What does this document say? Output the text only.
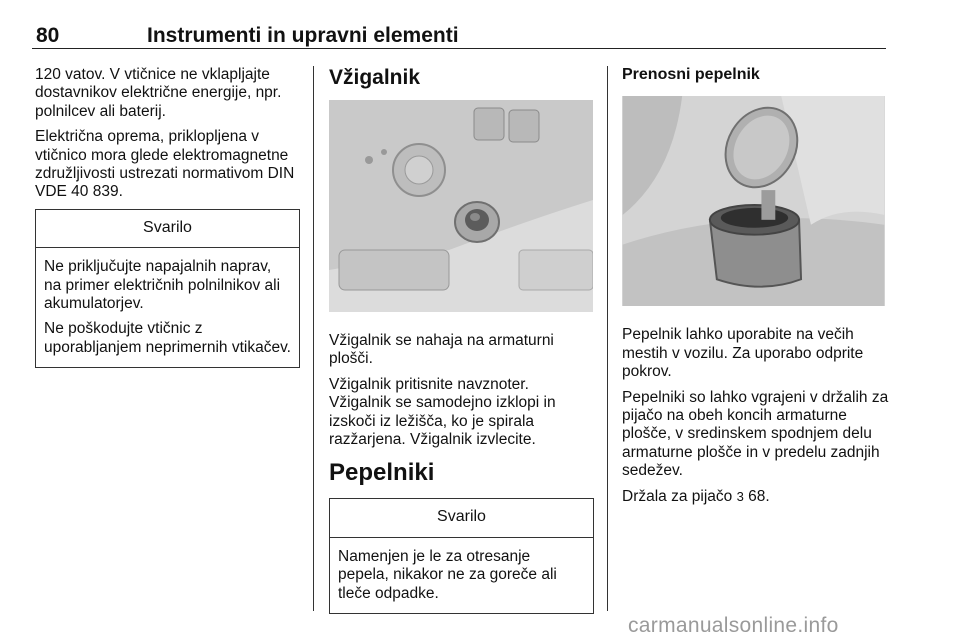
80	Instrumenti in upravni elementi

120 vatov. V vtičnice ne vklapljajte dostavnikov električne energije, npr. polnilcev ali baterij.

Električna oprema, priklopljena v vtičnico mora glede elektromagnetne združljivosti ustrezati normativom DIN VDE 40 839.

Svarilo

Ne priključujte napajalnih naprav, na primer električnih polnilnikov ali akumulatorjev.

Ne poškodujte vtičnic z uporabljanjem neprimernih vtikačev.

Vžigalnik

Vžigalnik se nahaja na armaturni plošči.

Vžigalnik pritisnite navznoter. Vžigalnik se samodejno izklopi in izskoči iz ležišča, ko je spirala razžarjena. Vžigalnik izvlecite.

Pepelniki
Svarilo

Namenjen je le za otresanje pepela, nikakor ne za goreče ali tleče odpadke.

Prenosni pepelnik

Pepelnik lahko uporabite na večih mestih v vozilu. Za uporabo odprite pokrov.

Pepelniki so lahko vgrajeni v držalih za pijačo na obeh koncih armaturne plošče, v sredinskem spodnjem delu armaturne plošče in v predelu zadnjih sedežev.

Držala za pijačo 3 68.

carmanualsonline.info
